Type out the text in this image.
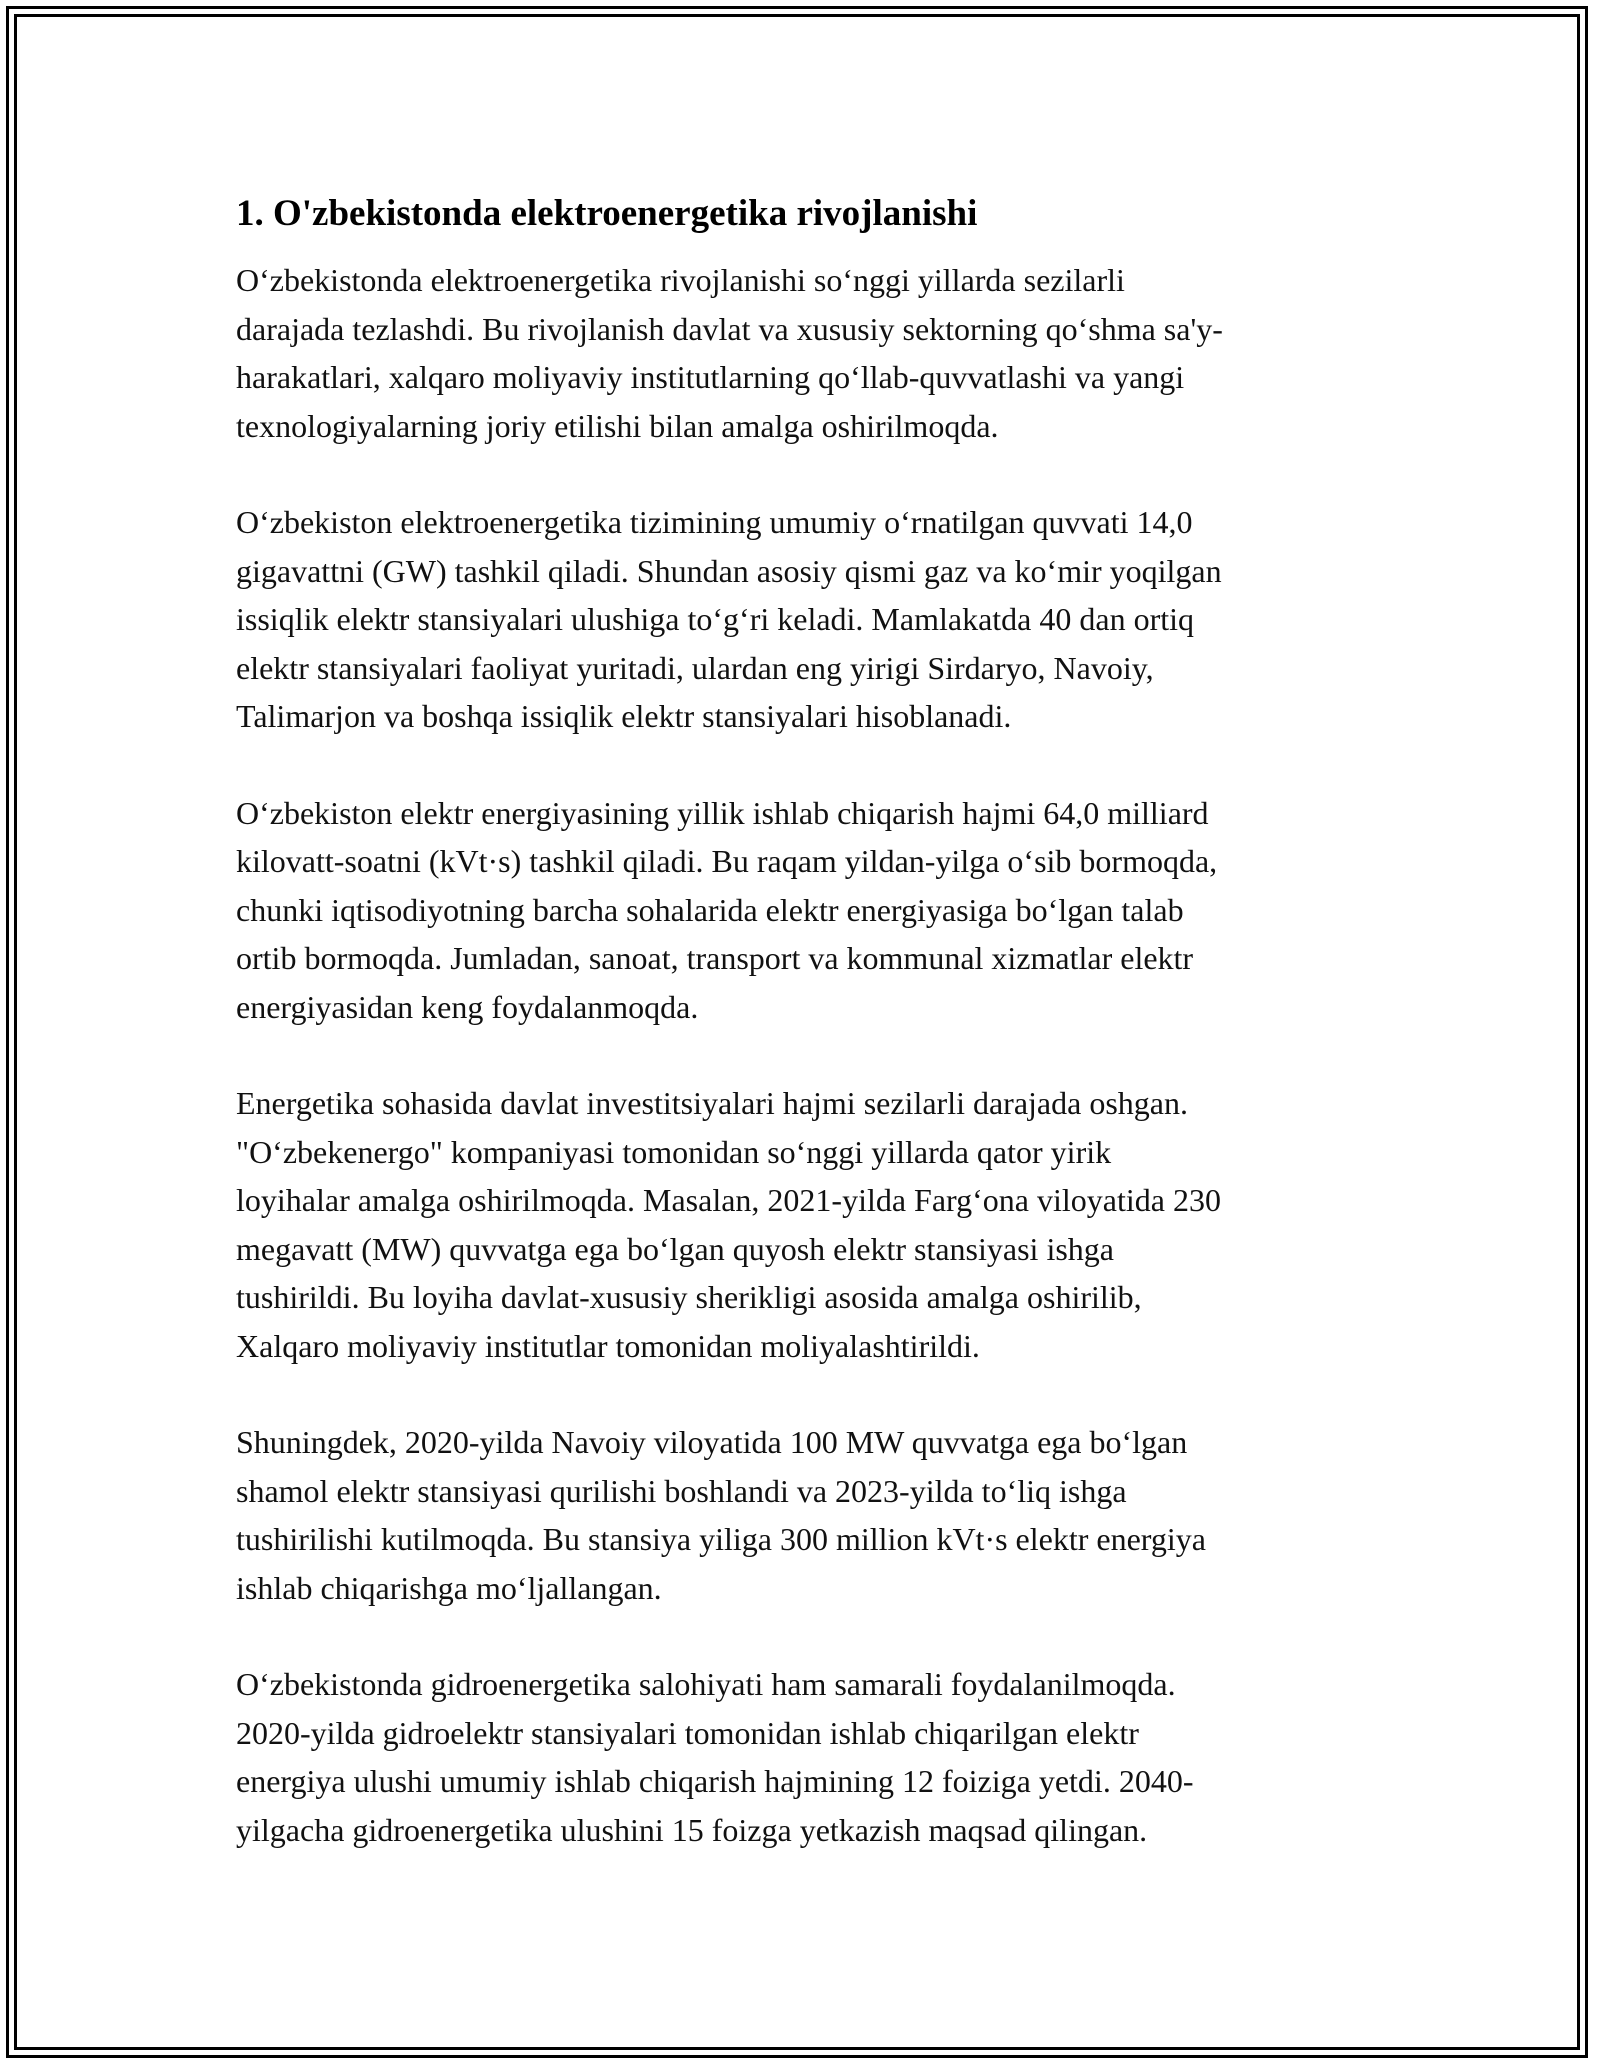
1. O'zbekistonda elektroenergetika rivojlanishi

O‘zbekistonda elektroenergetika rivojlanishi so‘nggi yillarda sezilarli
darajada tezlashdi. Bu rivojlanish davlat va xususiy sektorning qo‘shma sa'y-
harakatlari, xalqaro moliyaviy institutlarning qo‘llab-quvvatlashi va yangi
texnologiyalarning joriy etilishi bilan amalga oshirilmoqda.

O‘zbekiston elektroenergetika tizimining umumiy o‘rnatilgan quvvati 14,0
gigavattni (GW) tashkil qiladi. Shundan asosiy qismi gaz va ko‘mir yoqilgan
issiqlik elektr stansiyalari ulushiga to‘g‘ri keladi. Mamlakatda 40 dan ortiq
elektr stansiyalari faoliyat yuritadi, ulardan eng yirigi Sirdaryo, Navoiy,
Talimarjon va boshqa issiqlik elektr stansiyalari hisoblanadi.

O‘zbekiston elektr energiyasining yillik ishlab chiqarish hajmi 64,0 milliard
kilovatt-soatni (kVt·s) tashkil qiladi. Bu raqam yildan-yilga o‘sib bormoqda,
chunki iqtisodiyotning barcha sohalarida elektr energiyasiga bo‘lgan talab
ortib bormoqda. Jumladan, sanoat, transport va kommunal xizmatlar elektr
energiyasidan keng foydalanmoqda.

Energetika sohasida davlat investitsiyalari hajmi sezilarli darajada oshgan.
"O‘zbekenergo" kompaniyasi tomonidan so‘nggi yillarda qator yirik
loyihalar amalga oshirilmoqda. Masalan, 2021-yilda Farg‘ona viloyatida 230
megavatt (MW) quvvatga ega bo‘lgan quyosh elektr stansiyasi ishga
tushirildi. Bu loyiha davlat-xususiy sherikligi asosida amalga oshirilib,
Xalqaro moliyaviy institutlar tomonidan moliyalashtirildi.

Shuningdek, 2020-yilda Navoiy viloyatida 100 MW quvvatga ega bo‘lgan
shamol elektr stansiyasi qurilishi boshlandi va 2023-yilda to‘liq ishga
tushirilishi kutilmoqda. Bu stansiya yiliga 300 million kVt·s elektr energiya
ishlab chiqarishga mo‘ljallangan.

O‘zbekistonda gidroenergetika salohiyati ham samarali foydalanilmoqda.
2020-yilda gidroelektr stansiyalari tomonidan ishlab chiqarilgan elektr
energiya ulushi umumiy ishlab chiqarish hajmining 12 foiziga yetdi. 2040-
yilgacha gidroenergetika ulushini 15 foizga yetkazish maqsad qilingan.
